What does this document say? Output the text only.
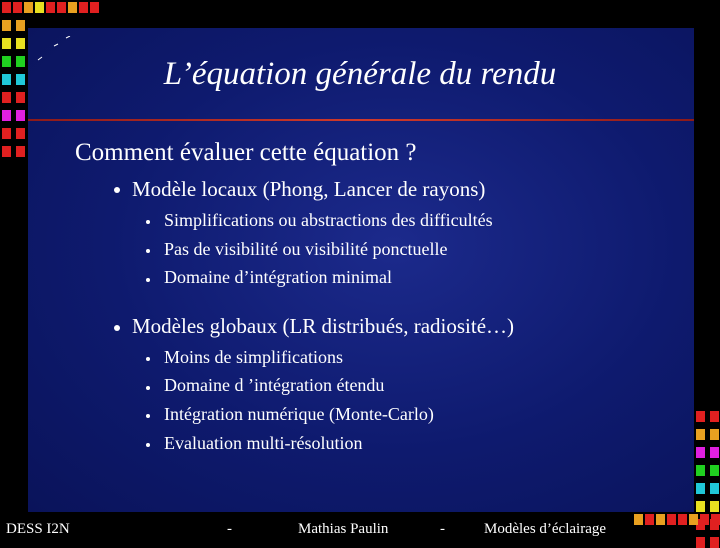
L’équation générale du rendu
Comment évaluer cette équation ?
Modèle locaux (Phong, Lancer de rayons)
Simplifications ou abstractions des difficultés
Pas de visibilité ou visibilité ponctuelle
Domaine d’intégration minimal
Modèles globaux (LR distribués, radiosité…)
Moins de simplifications
Domaine d ’intégration étendu
Intégration numérique (Monte-Carlo)
Evaluation multi-résolution
DESS I2N	-	Mathias Paulin	-	Modèles d’éclairage
